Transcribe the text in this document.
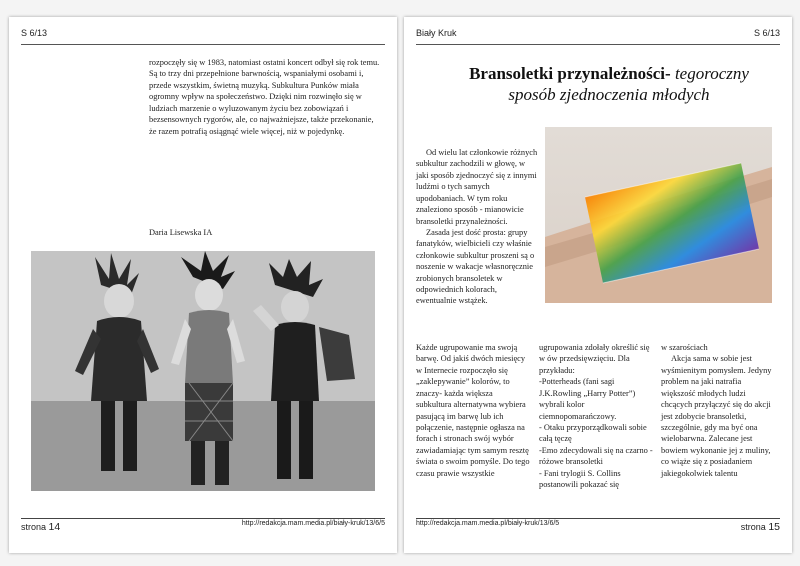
S 6/13

rozpoczęły się w 1983, natomiast ostatni koncert odbył się rok temu. Są to trzy dni przepełnione barwnością, wspaniałymi osobami i, przede wszystkim, świetną muzyką. Subkultura Punków miała ogromny wpływ na społeczeństwo. Dzięki nim rozwinęło się w ludziach marzenie o wyluzowanym życiu bez zobowiązań i bezsensownych rygorów, ale, co najważniejsze, także przekonanie, że razem potrafią osiągnąć wiele więcej, niż w pojedynkę.

Daria Lisewska IA
strona 14	http://redakcja.mam.media.pl/biały-kruk/13/6/5
Biały Kruk	S 6/13
Bransoletki przynależności- tegoroczny sposób zjednoczenia młodych

Od wielu lat członkowie różnych subkultur zachodzili w głowę, w jaki sposób zjednoczyć się z innymi ludźmi o tych samych upodobaniach. W tym roku znaleziono sposób - mianowicie bransoletki przynależności.

Zasada jest dość prosta: grupy fanatyków, wielbicieli czy właśnie członkowie subkultur proszeni są o noszenie w wakacje własnoręcznie zrobionych bransoletek w odpowiednich kolorach, ewentualnie wstążek.

Każde ugrupowanie ma swoją barwę. Od jakiś dwóch miesięcy w Internecie rozpoczęło się „zaklepywanie” kolorów, to znaczy- każda większa subkultura alternatywna wybiera pasującą im barwę lub ich połączenie, następnie ogłasza na forach i stronach swój wybór zawiadamiając tym samym resztę świata o swoim pomyśle. Do tego czasu prawie wszystkie

ugrupowania zdołały określić się w ów przedsięwzięciu. Dla przykładu:

-Potterheads (fani sagi J.K.Rowling „Harry Potter”) wybrali kolor ciemnopomarańczowy.

- Otaku przyporządkowali sobie całą tęczę

-Emo zdecydowali się na czarno -różowe bransoletki

- Fani trylogii S. Collins postanowili pokazać się

w szarościach

Akcja sama w sobie jest wyśmienitym pomysłem. Jedyny problem na jaki natrafia większość młodych ludzi chcących przyłączyć się do akcji jest zdobycie bransoletki, szczególnie, gdy ma być ona wielobarwna. Zalecane jest bowiem wykonanie jej z muliny, co wiąże się z posiadaniem jakiegokolwiek talentu

http://redakcja.mam.media.pl/biały-kruk/13/6/5	strona 15
